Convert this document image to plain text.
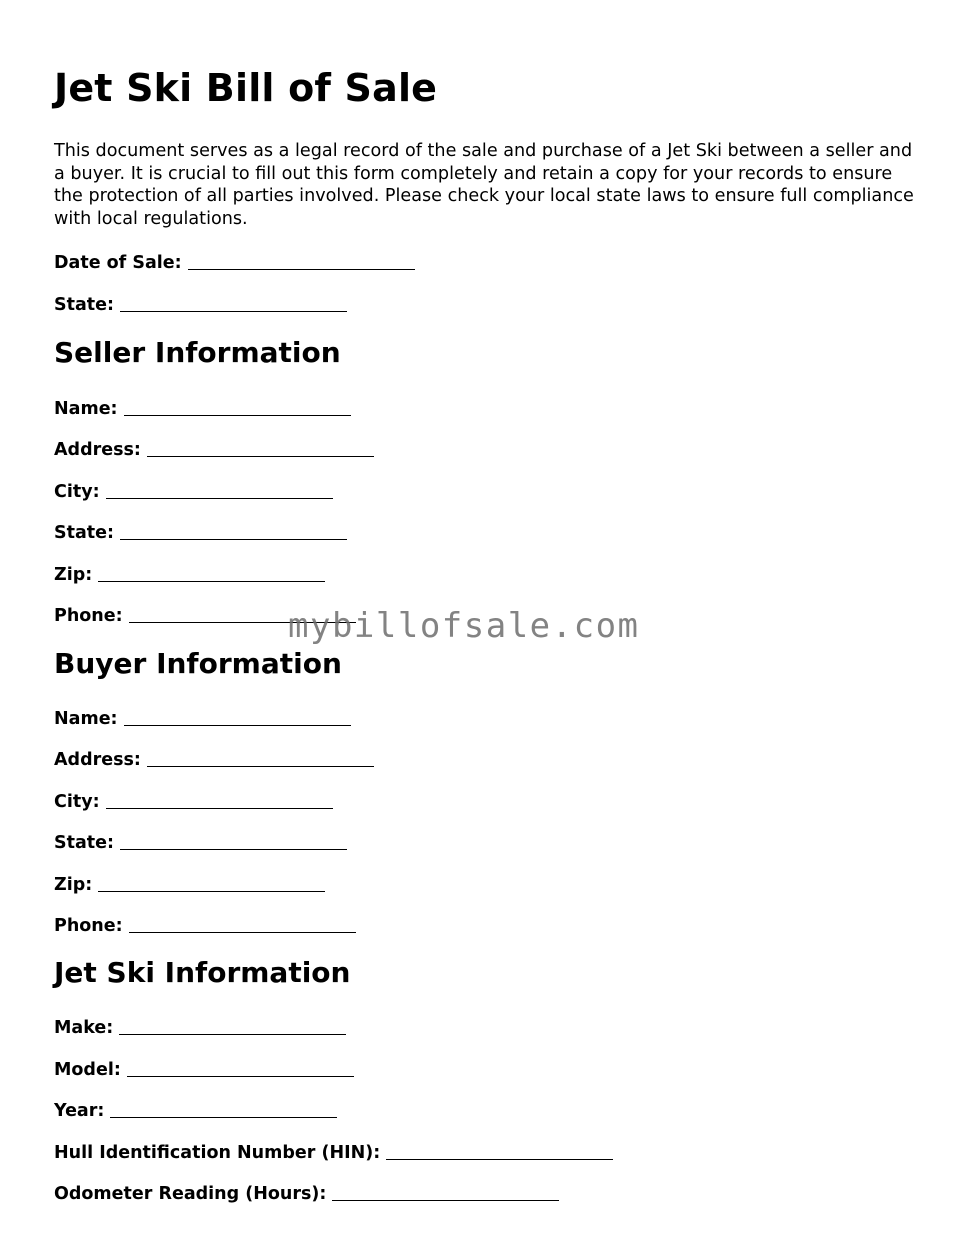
Jet Ski Bill of Sale

This document serves as a legal record of the sale and purchase of a Jet Ski between a seller and a buyer. It is crucial to fill out this form completely and retain a copy for your records to ensure the protection of all parties involved. Please check your local state laws to ensure full compliance with local regulations.

Date of Sale:

State:

Seller Information

Name:

Address:

City:

State:

Zip:

Phone:

Buyer Information

Name:

Address:

City:

State:

Zip:

Phone:

Jet Ski Information

Make:

Model:

Year:

Hull Identification Number (HIN):

Odometer Reading (Hours):

mybillofsale.com
